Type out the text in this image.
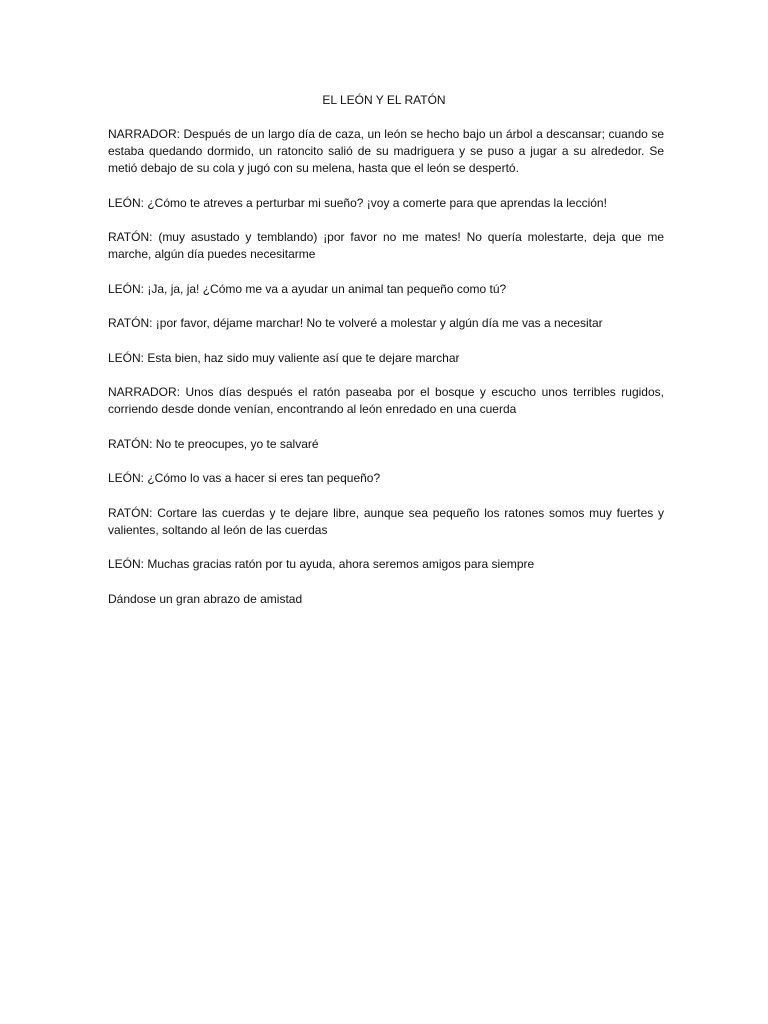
EL LEÓN Y EL RATÓN

NARRADOR: Después de un largo día de caza, un león se hecho bajo un árbol a descansar; cuando se estaba quedando dormido, un ratoncito salió de su madriguera y se puso a jugar a su alrededor. Se metió debajo de su cola y jugó con su melena, hasta que el león se despertó.

LEÓN: ¿Cómo te atreves a perturbar mi sueño? ¡voy a comerte para que aprendas la lección!

RATÓN: (muy asustado y temblando) ¡por favor no me mates! No quería molestarte, deja que me marche, algún día puedes necesitarme

LEÓN: ¡Ja, ja, ja! ¿Cómo me va a ayudar un animal tan pequeño como tú?

RATÓN: ¡por favor, déjame marchar! No te volveré a molestar y algún día me vas a necesitar

LEÓN: Esta bien, haz sido muy valiente así que te dejare marchar

NARRADOR: Unos días después el ratón paseaba por el bosque y escucho unos terribles rugidos, corriendo desde donde venían, encontrando al león enredado en una cuerda

RATÓN: No te preocupes, yo te salvaré

LEÓN: ¿Cómo lo vas a hacer si eres tan pequeño?

RATÓN: Cortare las cuerdas y te dejare libre, aunque sea pequeño los ratones somos muy fuertes y valientes, soltando al león de las cuerdas

LEÓN: Muchas gracias ratón por tu ayuda, ahora seremos amigos para siempre

Dándose un gran abrazo de amistad
